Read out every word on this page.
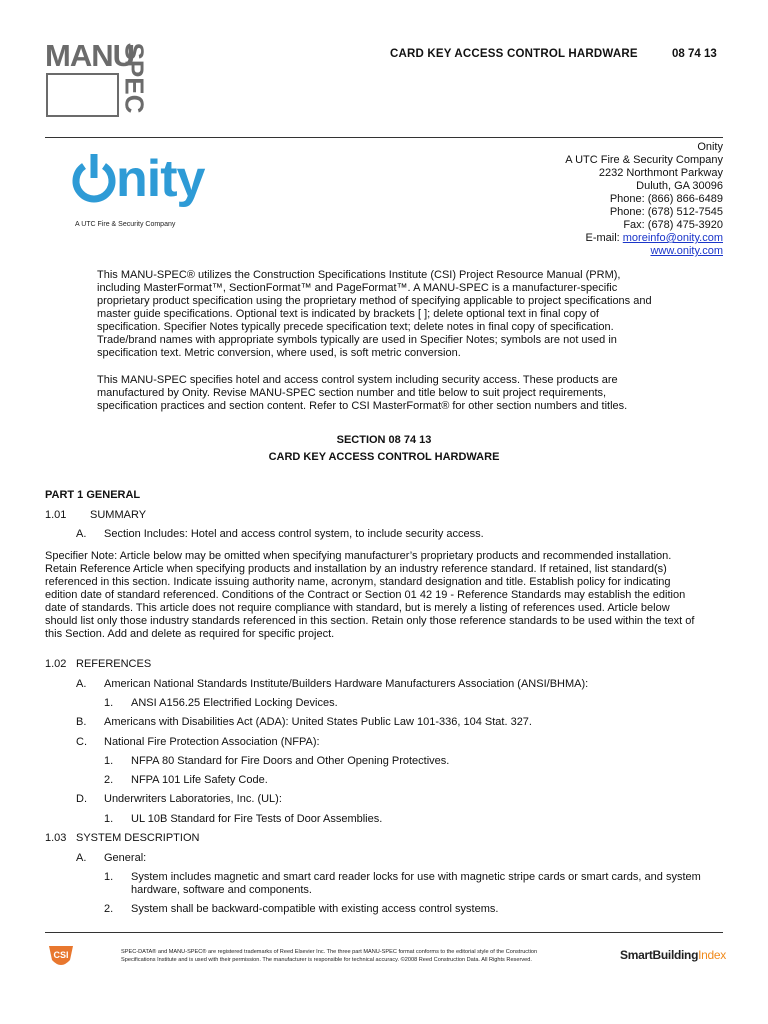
MANU
SPEC	CARD KEY ACCESS CONTROL HARDWARE	08 74 13
nity
A UTC Fire & Security Company
Onity
A UTC Fire & Security Company
2232 Northmont Parkway
Duluth, GA 30096
Phone: (866) 866-6489
Phone: (678) 512-7545
Fax: (678) 475-3920
E-mail: moreinfo@onity.com
www.onity.com
This MANU-SPEC® utilizes the Construction Specifications Institute (CSI) Project Resource Manual (PRM),
including MasterFormat™, SectionFormat™ and PageFormat™. A MANU-SPEC is a manufacturer-specific
proprietary product specification using the proprietary method of specifying applicable to project specifications and
master guide specifications. Optional text is indicated by brackets [ ]; delete optional text in final copy of
specification. Specifier Notes typically precede specification text; delete notes in final copy of specification.
Trade/brand names with appropriate symbols typically are used in Specifier Notes; symbols are not used in
specification text. Metric conversion, where used, is soft metric conversion.
This MANU-SPEC specifies hotel and access control system including security access. These products are
manufactured by Onity. Revise MANU-SPEC section number and title below to suit project requirements,
specification practices and section content. Refer to CSI MasterFormat® for other section numbers and titles.
SECTION 08 74 13
CARD KEY ACCESS CONTROL HARDWARE
PART 1 GENERAL
1.01 SUMMARY
A. Section Includes: Hotel and access control system, to include security access.
Specifier Note: Article below may be omitted when specifying manufacturer’s proprietary products and recommended installation.
Retain Reference Article when specifying products and installation by an industry reference standard. If retained, list standard(s)
referenced in this section. Indicate issuing authority name, acronym, standard designation and title. Establish policy for indicating
edition date of standard referenced. Conditions of the Contract or Section 01 42 19 - Reference Standards may establish the edition
date of standards. This article does not require compliance with standard, but is merely a listing of references used. Article below
should list only those industry standards referenced in this section. Retain only those reference standards to be used within the text of
this Section. Add and delete as required for specific project.
1.02 REFERENCES
A. American National Standards Institute/Builders Hardware Manufacturers Association (ANSI/BHMA):
1. ANSI A156.25 Electrified Locking Devices.
B. Americans with Disabilities Act (ADA): United States Public Law 101-336, 104 Stat. 327.
C. National Fire Protection Association (NFPA):
1. NFPA 80 Standard for Fire Doors and Other Opening Protectives.
2. NFPA 101 Life Safety Code.
D. Underwriters Laboratories, Inc. (UL):
1. UL 10B Standard for Fire Tests of Door Assemblies.
1.03 SYSTEM DESCRIPTION
A. General:
1. System includes magnetic and smart card reader locks for use with magnetic stripe cards or smart cards, and system
hardware, software and components.
2. System shall be backward-compatible with existing access control systems.
CSI	SPEC-DATA® and MANU-SPEC® are registered trademarks of Reed Elsevier Inc. The three part MANU-SPEC format conforms to the editorial style of the Construction
Specifications Institute and is used with their permission. The manufacturer is responsible for technical accuracy. ©2008 Reed Construction Data. All Rights Reserved.	SmartBuildingIndex
